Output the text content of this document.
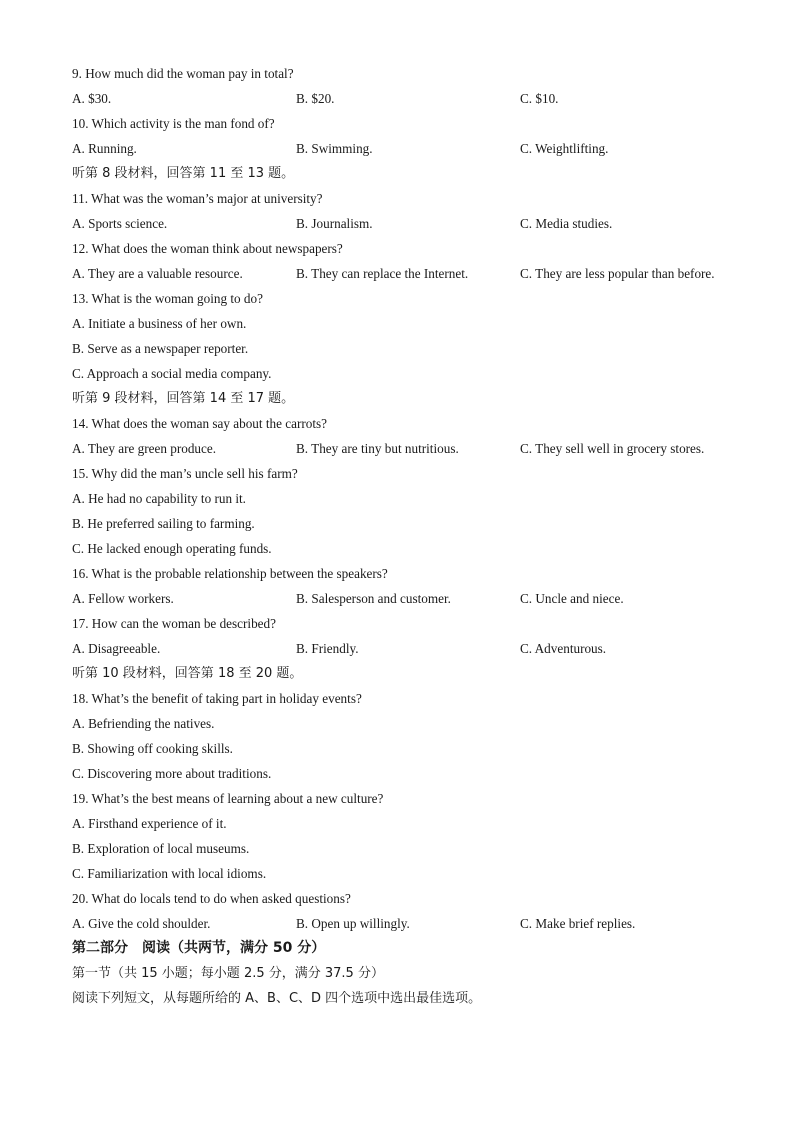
9. How much did the woman pay in total?
A. $30.	B. $20.	C. $10.
10. Which activity is the man fond of?
A. Running.	B. Swimming.	C. Weightlifting.
听第 8 段材料，回答第 11 至 13 题。
11. What was the woman’s major at university?
A. Sports science.	B. Journalism.	C. Media studies.
12. What does the woman think about newspapers?
A. They are a valuable resource.	B. They can replace the Internet.	C. They are less popular than before.
13. What is the woman going to do?
A. Initiate a business of her own.
B. Serve as a newspaper reporter.
C. Approach a social media company.
听第 9 段材料，回答第 14 至 17 题。
14. What does the woman say about the carrots?
A. They are green produce.	B. They are tiny but nutritious.	C. They sell well in grocery stores.
15. Why did the man’s uncle sell his farm?
A. He had no capability to run it.
B. He preferred sailing to farming.
C. He lacked enough operating funds.
16. What is the probable relationship between the speakers?
A. Fellow workers.	B. Salesperson and customer.	C. Uncle and niece.
17. How can the woman be described?
A. Disagreeable.	B. Friendly.	C. Adventurous.
听第 10 段材料，回答第 18 至 20 题。
18. What’s the benefit of taking part in holiday events?
A. Befriending the natives.
B. Showing off cooking skills.
C. Discovering more about traditions.
19. What’s the best means of learning about a new culture?
A. Firsthand experience of it.
B. Exploration of local museums.
C. Familiarization with local idioms.
20. What do locals tend to do when asked questions?
A. Give the cold shoulder.	B. Open up willingly.	C. Make brief replies.
第二部分 阅读（共两节，满分 50 分）
第一节（共 15 小题；每小题 2.5 分，满分 37.5 分）
阅读下列短文，从每题所给的 A、B、C、D 四个选项中选出最佳选项。
